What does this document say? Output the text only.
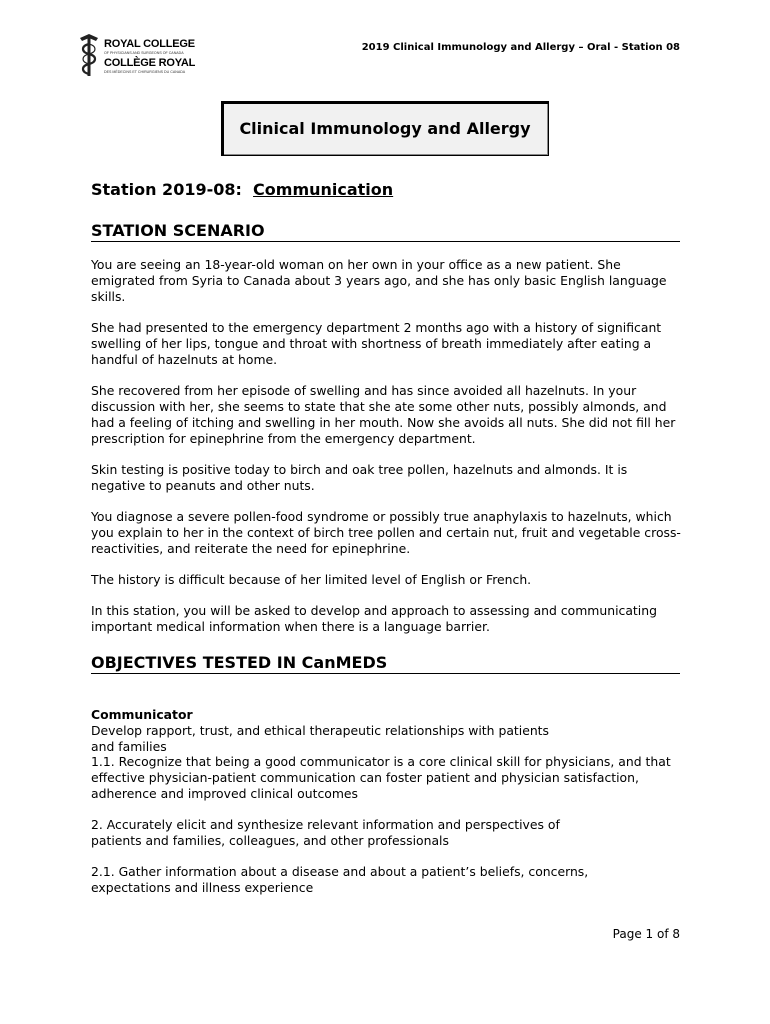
ROYAL COLLEGE
OF PHYSICIANS AND SURGEONS OF CANADA
COLLÈGE ROYAL
DES MÉDECINS ET CHIRURGIENS DU CANADA
2019 Clinical Immunology and Allergy – Oral - Station 08
Clinical Immunology and Allergy
Station 2019-08: Communication
STATION SCENARIO
You are seeing an 18-year-old woman on her own in your office as a new patient. She emigrated from Syria to Canada about 3 years ago, and she has only basic English language skills.
She had presented to the emergency department 2 months ago with a history of significant swelling of her lips, tongue and throat with shortness of breath immediately after eating a handful of hazelnuts at home.
She recovered from her episode of swelling and has since avoided all hazelnuts. In your discussion with her, she seems to state that she ate some other nuts, possibly almonds, and had a feeling of itching and swelling in her mouth. Now she avoids all nuts. She did not fill her prescription for epinephrine from the emergency department.
Skin testing is positive today to birch and oak tree pollen, hazelnuts and almonds. It is negative to peanuts and other nuts.
You diagnose a severe pollen-food syndrome or possibly true anaphylaxis to hazelnuts, which you explain to her in the context of birch tree pollen and certain nut, fruit and vegetable cross-reactivities, and reiterate the need for epinephrine.
The history is difficult because of her limited level of English or French.
In this station, you will be asked to develop and approach to assessing and communicating important medical information when there is a language barrier.
OBJECTIVES TESTED IN CanMEDS
Communicator
Develop rapport, trust, and ethical therapeutic relationships with patients and families
1.1. Recognize that being a good communicator is a core clinical skill for physicians, and that effective physician-patient communication can foster patient and physician satisfaction, adherence and improved clinical outcomes
2. Accurately elicit and synthesize relevant information and perspectives of patients and families, colleagues, and other professionals
2.1. Gather information about a disease and about a patient’s beliefs, concerns, expectations and illness experience
Page 1 of 8
